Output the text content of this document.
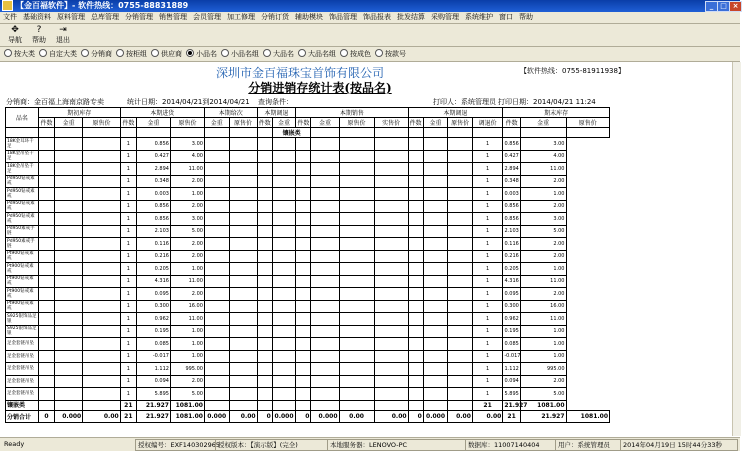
【金百福软件】- 软件热线：0755-88831889	_ □ ×
文件 基础资料 原料管理 总库管理 分销管理 销售管理 会员管理 加工修理 分销订货 辅助模块 饰品管理 饰品报表 批发结算 采购管理 系统维护 窗口 帮助
✥
导航
?
帮助
⇥
退出
按大类 自定大类 分销商 按柜组 供应商 小品名 小品名组 大品名 大品名组 按成色 按款号
深圳市金百福珠宝首饰有限公司	【软件热线：0755-81911938】
分销进销存统计表(按品名)
分销商：金百福上海南京路专卖	统计日期：2014/04/21到2014/04/21 查询条件：	打印人：系统管理员 打印日期：2014/04/21 11:24
品名	期初库存			本期进货			本期给次		本期调退		本期销售				本期调退				期末库存		
	件数	金重	原售价	件数	金重	原售价	金重	原售价	件数	金重	件数	金重	原售价	实售价	件数	金重	原售价	调退价	件数	金重	原售价
										镶嵌类											
18K金耳环千足				1	0.856	3.00												1	0.856	3.00	
18K金吊坠千足				1	0.427	4.00												1	0.427	4.00	
18K金吊坠千足				1	2.894	11.00												1	2.894	11.00	
Pd950钻戒素戒				1	0.348	2.00												1	0.348	2.00	
Pd950钻戒素戒				1	0.003	1.00												1	0.003	1.00	
Pd950钻戒素戒				1	0.856	2.00												1	0.856	2.00	
Pd950钻戒素戒				1	0.856	3.00												1	0.856	3.00	
Pd950素戒手链				1	2.103	5.00												1	2.103	5.00	
Pd950素戒手链				1	0.116	2.00												1	0.116	2.00	
Pt900钻戒素戒				1	0.216	2.00												1	0.216	2.00	
Pt900钻戒素戒				1	0.205	1.00												1	0.205	1.00	
Pt900钻戒素戒				1	4.316	11.00												1	4.316	11.00	
Pt900钻戒素戒				1	0.095	2.00												1	0.095	2.00	
Pt900钻戒素戒				1	0.300	16.00												1	0.300	16.00	
S925银饰品足银				1	0.962	11.00												1	0.962	11.00	
S925银饰品足银				1	0.195	1.00												1	0.195	1.00	
足金套链吊坠				1	0.085	1.00												1	0.085	1.00	
足金套链吊坠				1	-0.017	1.00												1	-0.017	1.00	
足金套链吊坠				1	1.112	995.00												1	1.112	995.00	
足金套链吊坠				1	0.094	2.00												1	0.094	2.00	
足金套链吊坠				1	5.895	5.00												1	5.895	5.00	
镶嵌类				21	21.927	1081.00												21	21.927	1081.00	
分销合计	0	0.000	0.00	21	21.927	1081.00	0.000	0.00	0	0.000	0	0.000	0.00	0.00	0	0.000	0.00	0.00	21	21.927	1081.00
Ready	授权编号：EXF140302965
授权版本：【演示版】(完全)	本地服务器：LENOVO-PC	数据库：11007140404	用户：系统管理员	2014年04月19日 15时44分33秒
